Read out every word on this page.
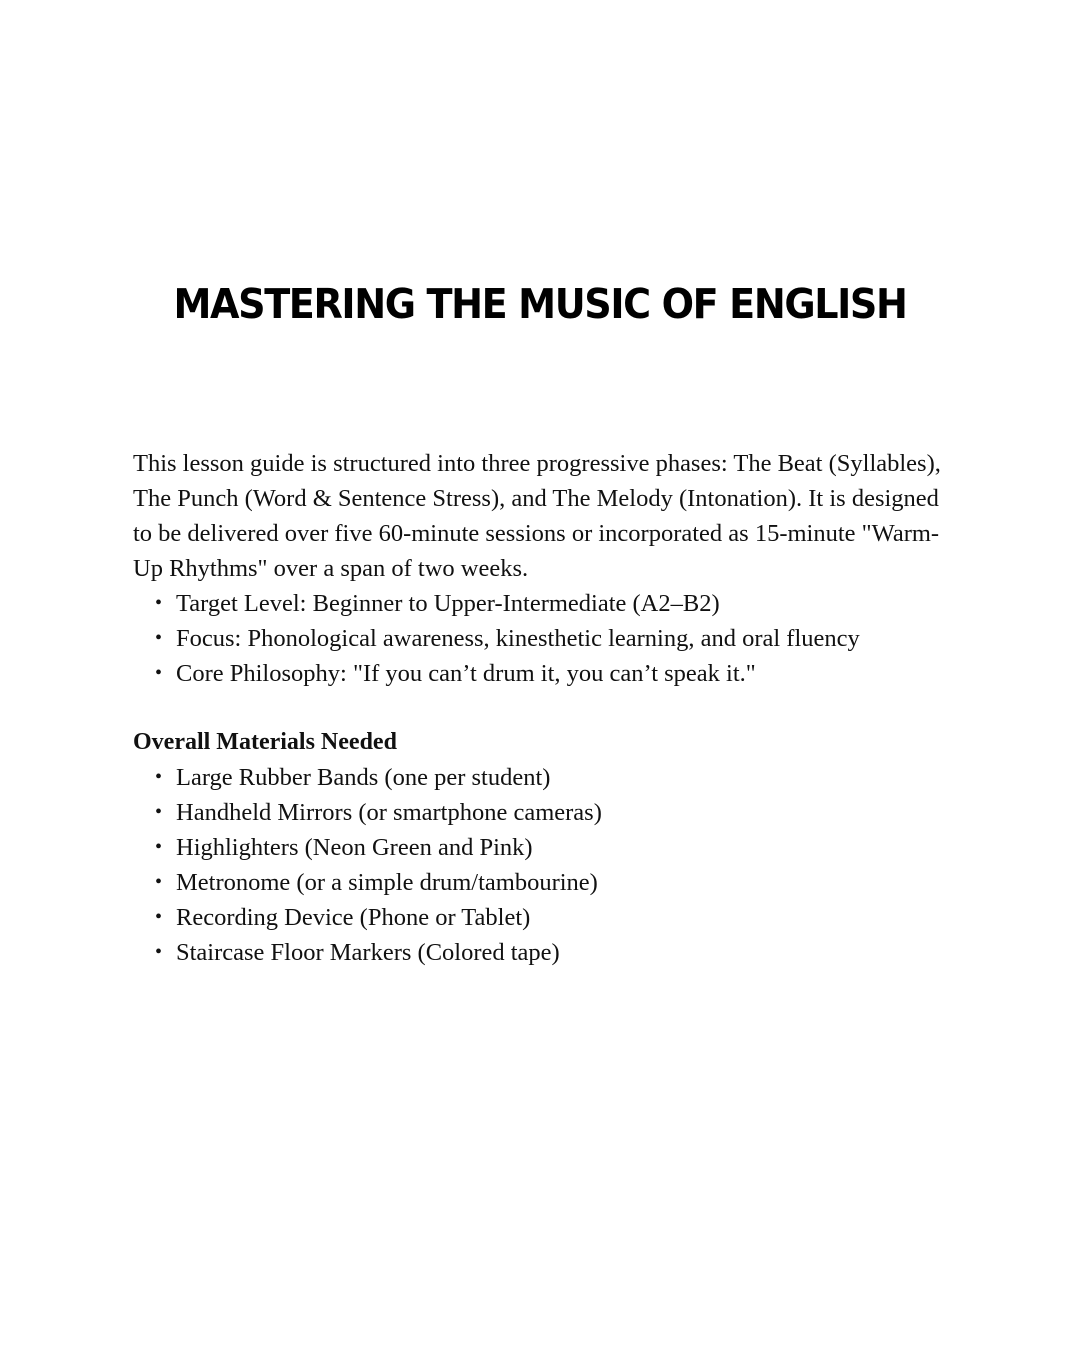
MASTERING THE MUSIC OF ENGLISH

This lesson guide is structured into three progressive phases: The Beat (Syllables), The Punch (Word & Sentence Stress), and The Melody (Intonation). It is designed to be delivered over five 60-minute sessions or incorporated as 15-minute "Warm-Up Rhythms" over a span of two weeks.

• Target Level: Beginner to Upper-Intermediate (A2–B2)
• Focus: Phonological awareness, kinesthetic learning, and oral fluency
• Core Philosophy: "If you can’t drum it, you can’t speak it."

Overall Materials Needed

• Large Rubber Bands (one per student)
• Handheld Mirrors (or smartphone cameras)
• Highlighters (Neon Green and Pink)
• Metronome (or a simple drum/tambourine)
• Recording Device (Phone or Tablet)
• Staircase Floor Markers (Colored tape)
